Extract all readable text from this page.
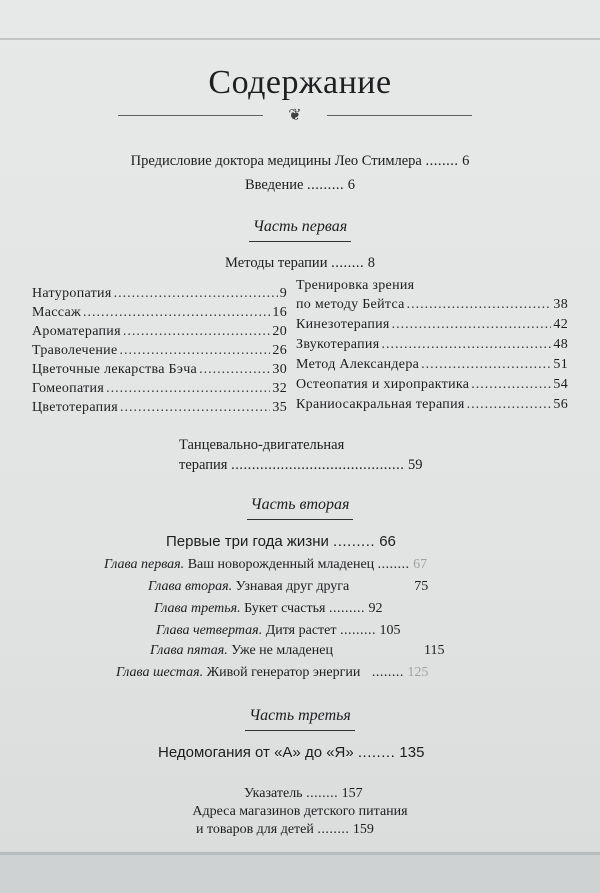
Содержание
❦
Предисловие доктора медицины Лео Стимлера ........ 6
Введение ......... 6
Часть первая
Методы терапии ........ 8
Натуропатия .....	9
Массаж .....	16
Ароматерапия .....	20
Траволечение .....	26
Цветочные лекарства Бэча .....	30
Гомеопатия .....	32
Цветотерапия .....	35
Тренировка зрения
по методу Бейтса .....	38
Кинезотерапия .....	42
Звукотерапия .....	48
Метод Александера .....	51
Остеопатия и хиропрактика .....	54
Краниосакральная терапия .....	56
Танцевально-двигательная
терапия .......................................... 59
Часть вторая
Первые три года жизни ......... 66
Глава первая. Ваш новорожденный младенец ........ 67
Глава вторая. Узнавая друг друга	75
Глава третья. Букет счастья ......... 92
Глава четвертая. Дитя растет ......... 105
Глава пятая. Уже не младенец	115
Глава шестая. Живой генератор энергии ........ 125
Часть третья
Недомогания от «А» до «Я» ........ 135
Указатель ........ 157
Адреса магазинов детского питания
и товаров для детей ........ 159
